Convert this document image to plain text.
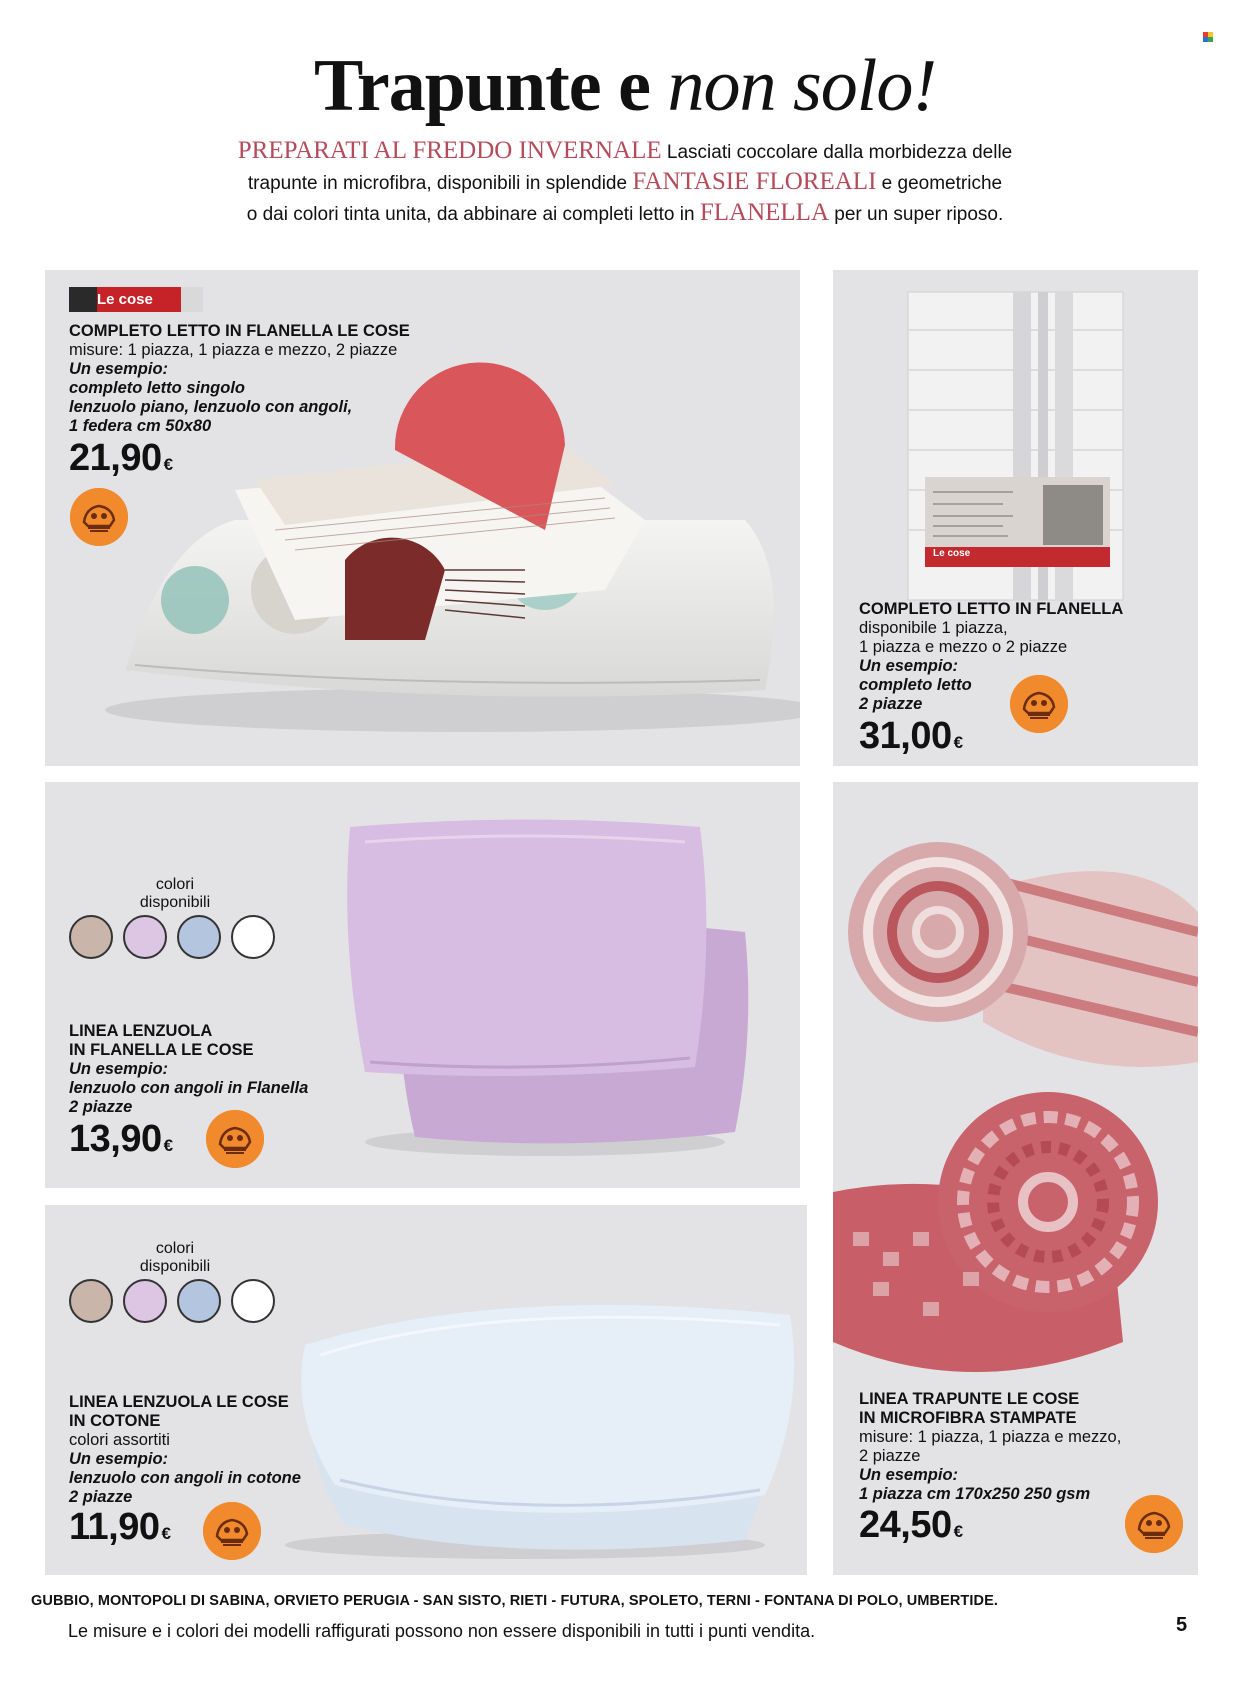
Trapunte e non solo!
PREPARATI AL FREDDO INVERNALE Lasciati coccolare dalla morbidezza delle
trapunte in microfibra, disponibili in splendide FANTASIE FLOREALI e geometriche
o dai colori tinta unita, da abbinare ai completi letto in FLANELLA per un super riposo.
Le cose
COMPLETO LETTO IN FLANELLA LE COSE
misure: 1 piazza, 1 piazza e mezzo, 2 piazze
Un esempio:
completo letto singolo
lenzuolo piano, lenzuolo con angoli,
1 federa cm 50x80
21,90 €
Le cose
COMPLETO LETTO IN FLANELLA
disponibile 1 piazza,
1 piazza e mezzo o 2 piazze
Un esempio:
completo letto
2 piazze
31,00 €
colori
disponibili
LINEA LENZUOLA
IN FLANELLA LE COSE
Un esempio:
lenzuolo con angoli in Flanella
2 piazze
13,90 €
LINEA TRAPUNTE LE COSE
IN MICROFIBRA STAMPATE
misure: 1 piazza, 1 piazza e mezzo,
2 piazze
Un esempio:
1 piazza cm 170x250 250 gsm
24,50 €
colori
disponibili
LINEA LENZUOLA LE COSE
IN COTONE
colori assortiti
Un esempio:
lenzuolo con angoli in cotone
2 piazze
11,90 €
GUBBIO, MONTOPOLI DI SABINA, ORVIETO PERUGIA - SAN SISTO, RIETI - FUTURA, SPOLETO, TERNI - FONTANA DI POLO, UMBERTIDE.
Le misure e i colori dei modelli raffigurati possono non essere disponibili in tutti i punti vendita.	5
